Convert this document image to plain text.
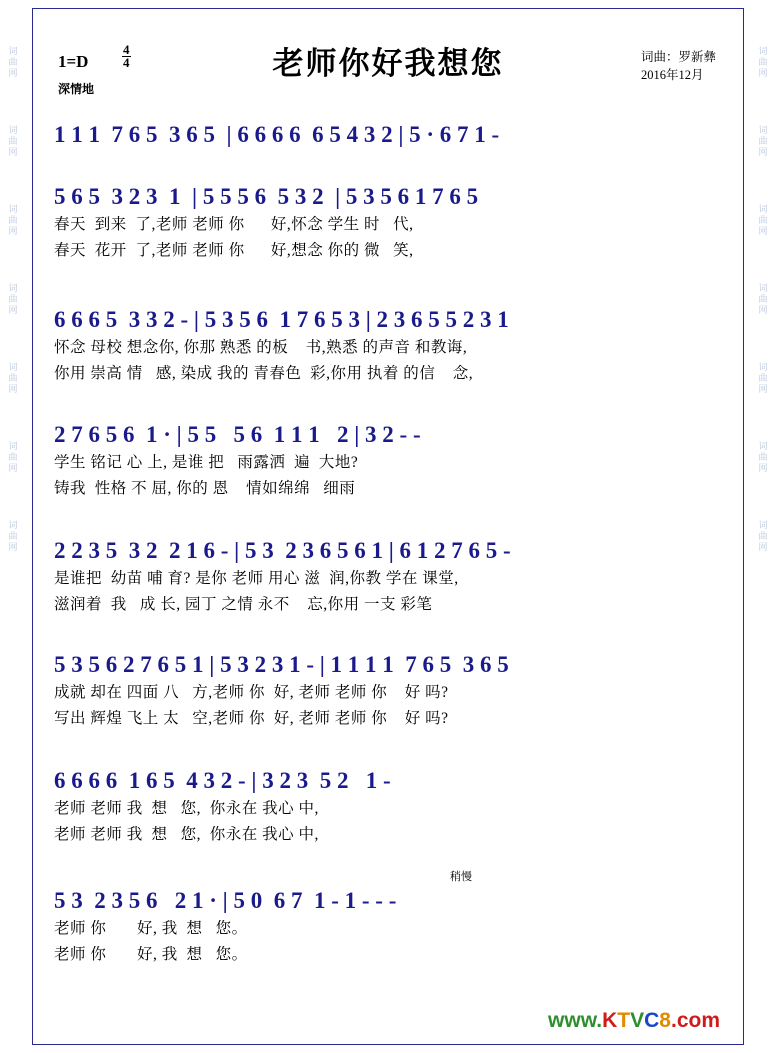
词
曲
网
词
曲
网
词
曲
网
词
曲
网
词
曲
网
词
曲
网
词
曲
网
词
曲
网
词
曲
网
词
曲
网
词
曲
网
词
曲
网
词
曲
网
词
曲
网
老师你好我想您
1=D	$\frac{4}{4}$
深情地
词曲：罗新彝
2016年12月
1 1 1  7 6 5  3 6 5  | 6 6 6 6  6 5 4 3 2 | 5 · 6 7 1 -
5 6 5  3 2 3  1  | 5 5 5 6  5 3 2  | 5 3 5 6 1 7 6 5
春天  到来  了,老师 老师 你      好,怀念 学生 时   代,
春天  花开  了,老师 老师 你      好,想念 你的 微   笑,
6 6 6 5  3 3 2 - | 5 3 5 6  1 7 6 5 3 | 2 3 6 5 5 2 3 1
怀念 母校 想念你, 你那 熟悉 的板    书,熟悉 的声音 和教诲,
你用 崇高 情   感, 染成 我的 青春色  彩,你用 执着 的信    念,
2 7 6 5 6  1 · | 5 5   5 6  1 1 1   2 | 3 2 - -
学生 铭记 心 上, 是谁 把   雨露洒  遍  大地?
铸我  性格 不 屈, 你的 恩    情如绵绵   细雨
2 2 3 5  3 2  2 1 6 - | 5 3  2 3 6 5 6 1 | 6 1 2 7 6 5 -
是谁把  幼苗 哺 育? 是你 老师 用心 滋  润,你教 学在 课堂,
滋润着  我   成 长, 园丁 之情 永不    忘,你用 一支 彩笔
5 3 5 6 2 7 6 5 1 | 5 3 2 3 1 - | 1 1 1 1  7 6 5  3 6 5
成就 却在 四面 八   方,老师 你  好, 老师 老师 你    好 吗?
写出 辉煌 飞上 太   空,老师 你  好, 老师 老师 你    好 吗?
6 6 6 6  1 6 5  4 3 2 - | 3 2 3  5 2   1 -
老师 老师 我  想   您,  你永在 我心 中,
老师 老师 我  想   您,  你永在 我心 中,
稍慢
5 3  2 3 5 6   2 1 · | 5 0  6 7  1 - 1 - - -
老师 你       好, 我  想   您。
老师 你       好, 我  想   您。
www.KTVC8.com
